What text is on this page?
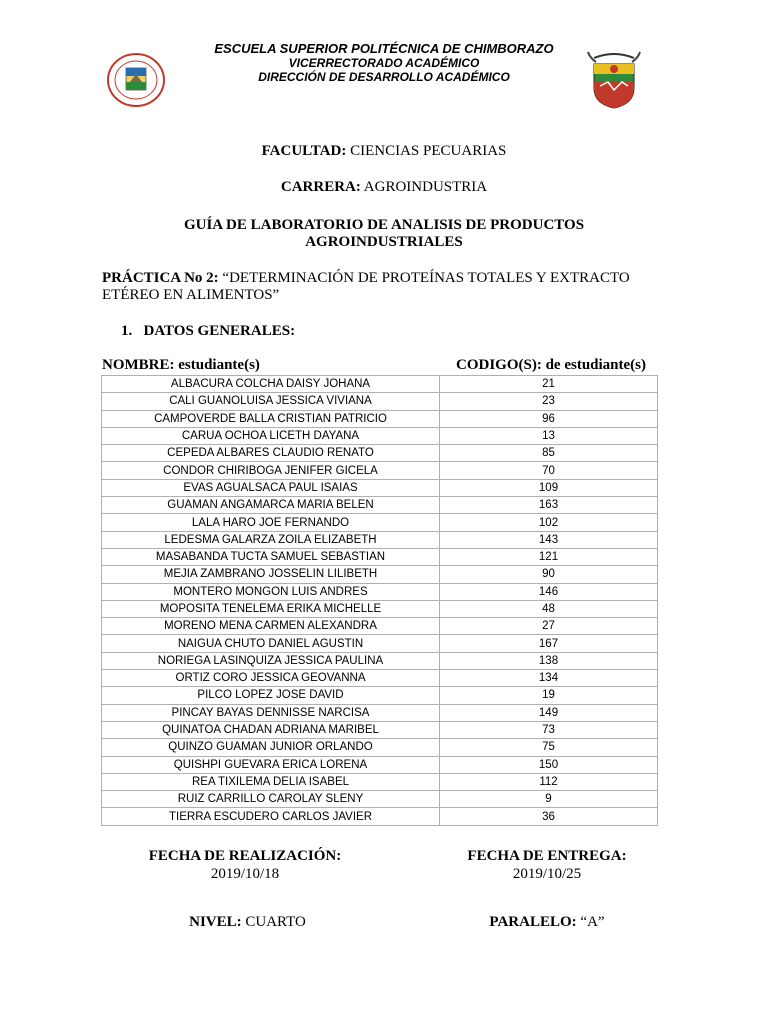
ESCUELA SUPERIOR POLITÉCNICA DE CHIMBORAZO
VICERRECTORADO ACADÉMICO
DIRECCIÓN DE DESARROLLO ACADÉMICO
FACULTAD: CIENCIAS PECUARIAS
CARRERA: AGROINDUSTRIA
GUÍA DE LABORATORIO DE ANALISIS DE PRODUCTOS
AGROINDUSTRIALES
PRÁCTICA No 2: “DETERMINACIÓN DE PROTEÍNAS TOTALES Y EXTRACTO ETÉREO EN ALIMENTOS”
1. DATOS GENERALES:
NOMBRE: estudiante(s)	CODIGO(S): de estudiante(s)
ALBACURA COLCHA DAISY JOHANA	21
CALI GUANOLUISA JESSICA VIVIANA	23
CAMPOVERDE BALLA CRISTIAN PATRICIO	96
CARUA OCHOA LICETH DAYANA	13
CEPEDA ALBARES CLAUDIO RENATO	85
CONDOR CHIRIBOGA JENIFER GICELA	70
EVAS AGUALSACA PAUL ISAIAS	109
GUAMAN ANGAMARCA MARIA BELEN	163
LALA HARO JOE FERNANDO	102
LEDESMA GALARZA ZOILA ELIZABETH	143
MASABANDA TUCTA SAMUEL SEBASTIAN	121
MEJIA ZAMBRANO JOSSELIN LILIBETH	90
MONTERO MONGON LUIS ANDRES	146
MOPOSITA TENELEMA ERIKA MICHELLE	48
MORENO MENA CARMEN ALEXANDRA	27
NAIGUA CHUTO DANIEL AGUSTIN	167
NORIEGA LASINQUIZA JESSICA PAULINA	138
ORTIZ CORO JESSICA GEOVANNA	134
PILCO LOPEZ JOSE DAVID	19
PINCAY BAYAS DENNISSE NARCISA	149
QUINATOA CHADAN ADRIANA MARIBEL	73
QUINZO GUAMAN JUNIOR ORLANDO	75
QUISHPI GUEVARA ERICA LORENA	150
REA TIXILEMA DELIA ISABEL	112
RUIZ CARRILLO CAROLAY SLENY	9
TIERRA ESCUDERO CARLOS JAVIER	36
FECHA DE REALIZACIÓN:
2019/10/18
FECHA DE ENTREGA:
2019/10/25
NIVEL: CUARTO	PARALELO: “A”
